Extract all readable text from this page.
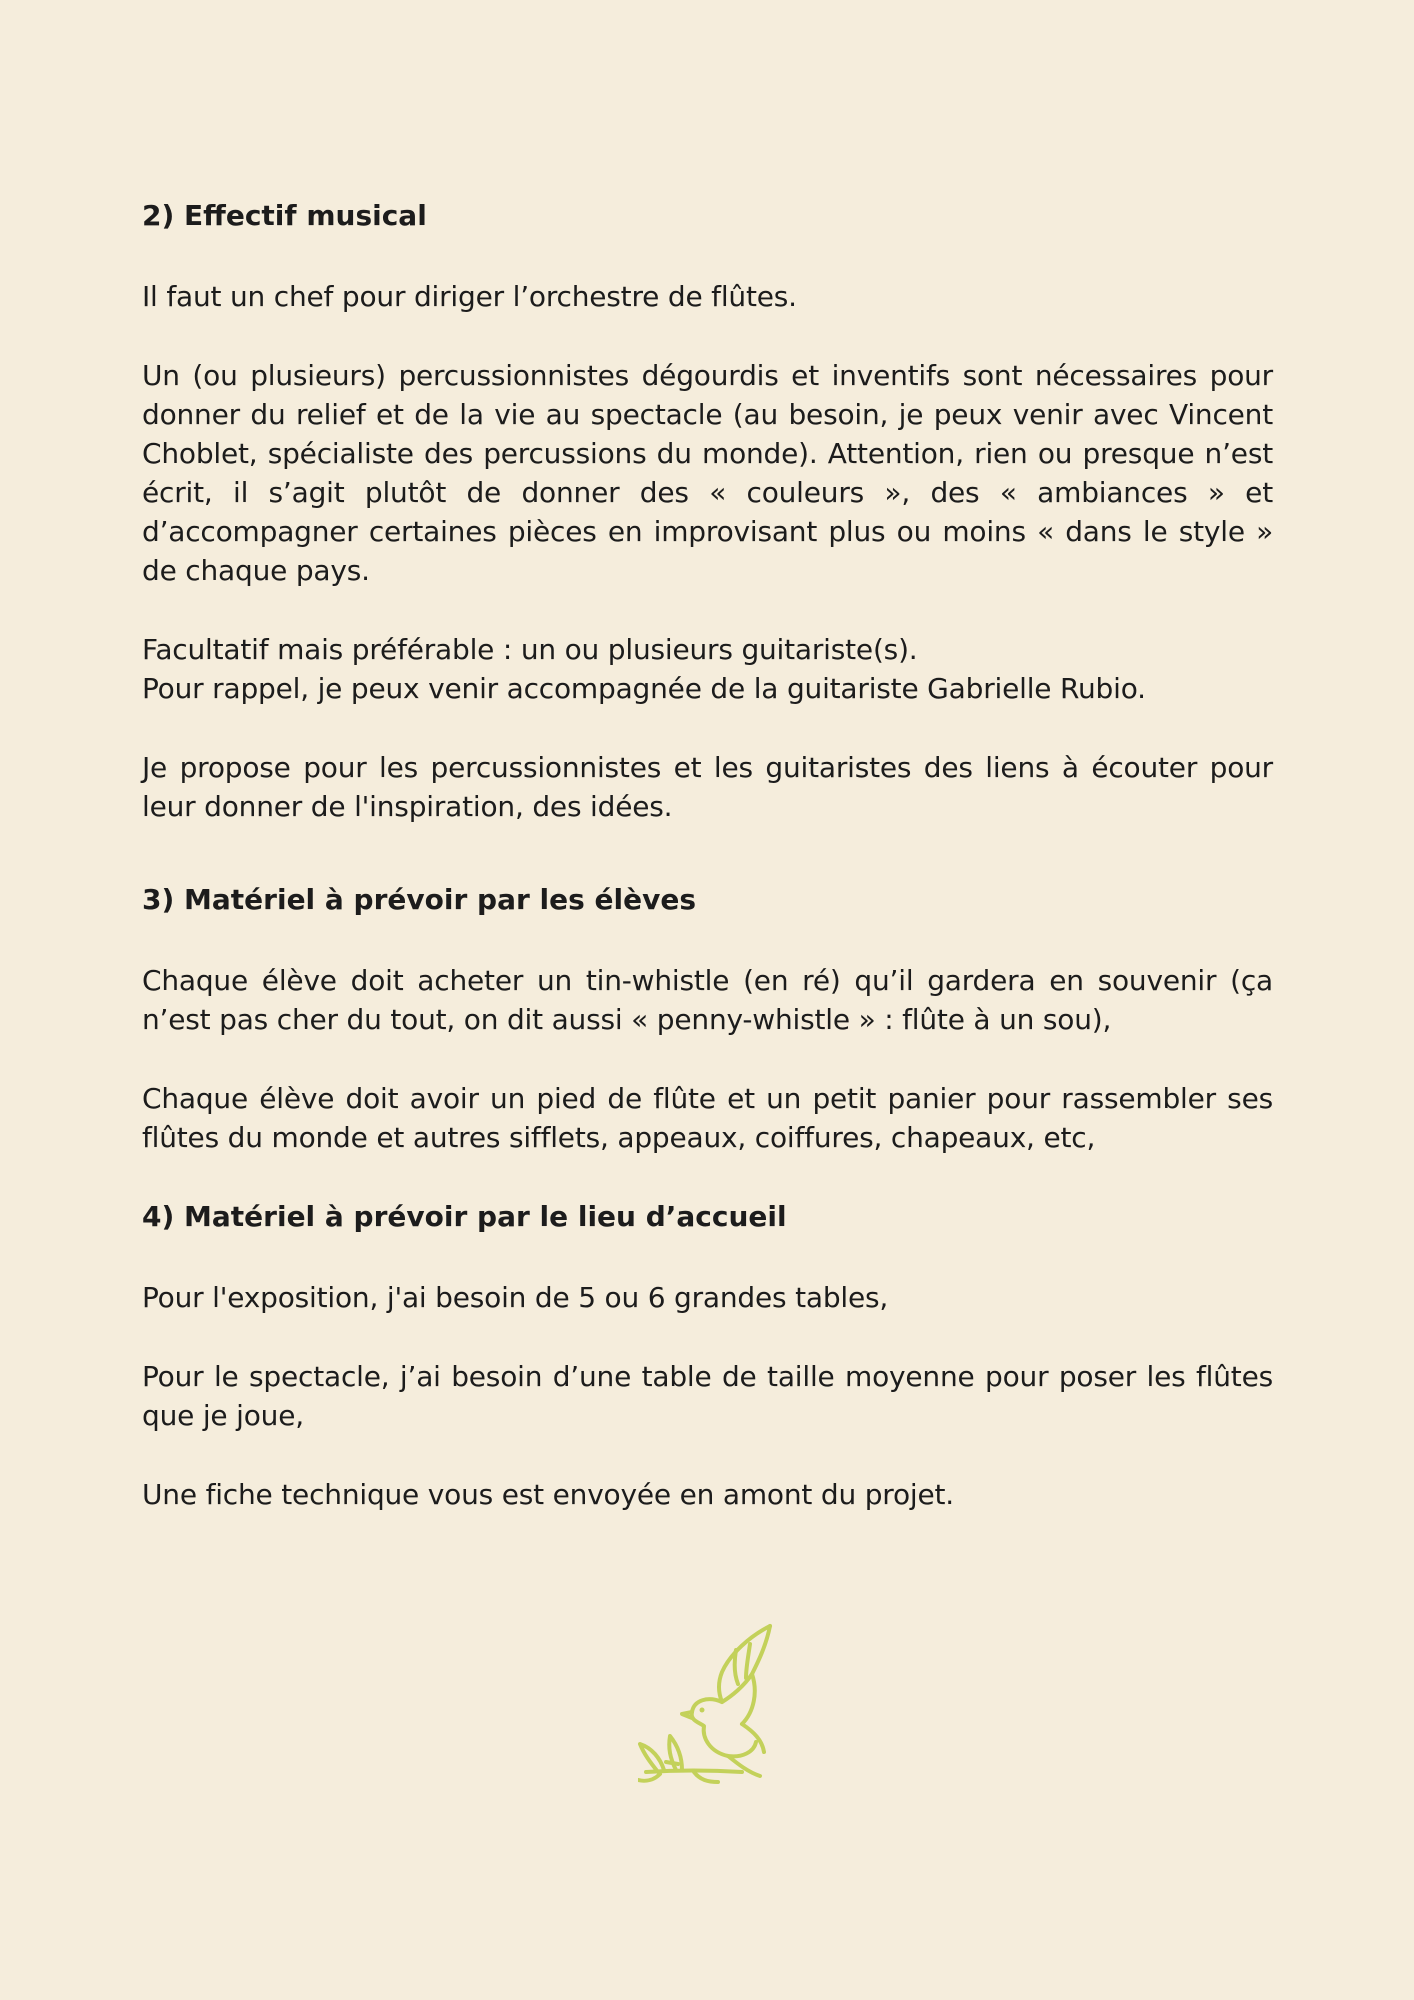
2) Effectif musical

Il faut un chef pour diriger l’orchestre de flûtes.

Un (ou plusieurs) percussionnistes dégourdis et inventifs sont nécessaires pour donner du relief et de la vie au spectacle (au besoin, je peux venir avec Vincent Choblet, spécialiste des percussions du monde). Attention, rien ou presque n’est écrit, il s’agit plutôt de donner des « couleurs », des « ambiances » et d’accompagner certaines pièces en improvisant plus ou moins « dans le style » de chaque pays.

Facultatif mais préférable : un ou plusieurs guitariste(s).

Pour rappel, je peux venir accompagnée de la guitariste Gabrielle Rubio.

Je propose pour les percussionnistes et les guitaristes des liens à écouter pour leur donner de l'inspiration, des idées.

3) Matériel à prévoir par les élèves

Chaque élève doit acheter un tin-whistle (en ré) qu’il gardera en souvenir (ça n’est pas cher du tout, on dit aussi « penny-whistle » : flûte à un sou),

Chaque élève doit avoir un pied de flûte et un petit panier pour rassembler ses flûtes du monde et autres sifflets, appeaux, coiffures, chapeaux, etc,

4) Matériel à prévoir par le lieu d’accueil

Pour l'exposition, j'ai besoin de 5 ou 6 grandes tables,

Pour le spectacle, j’ai besoin d’une table de taille moyenne pour poser les flûtes que je joue,

Une fiche technique vous est envoyée en amont du projet.
